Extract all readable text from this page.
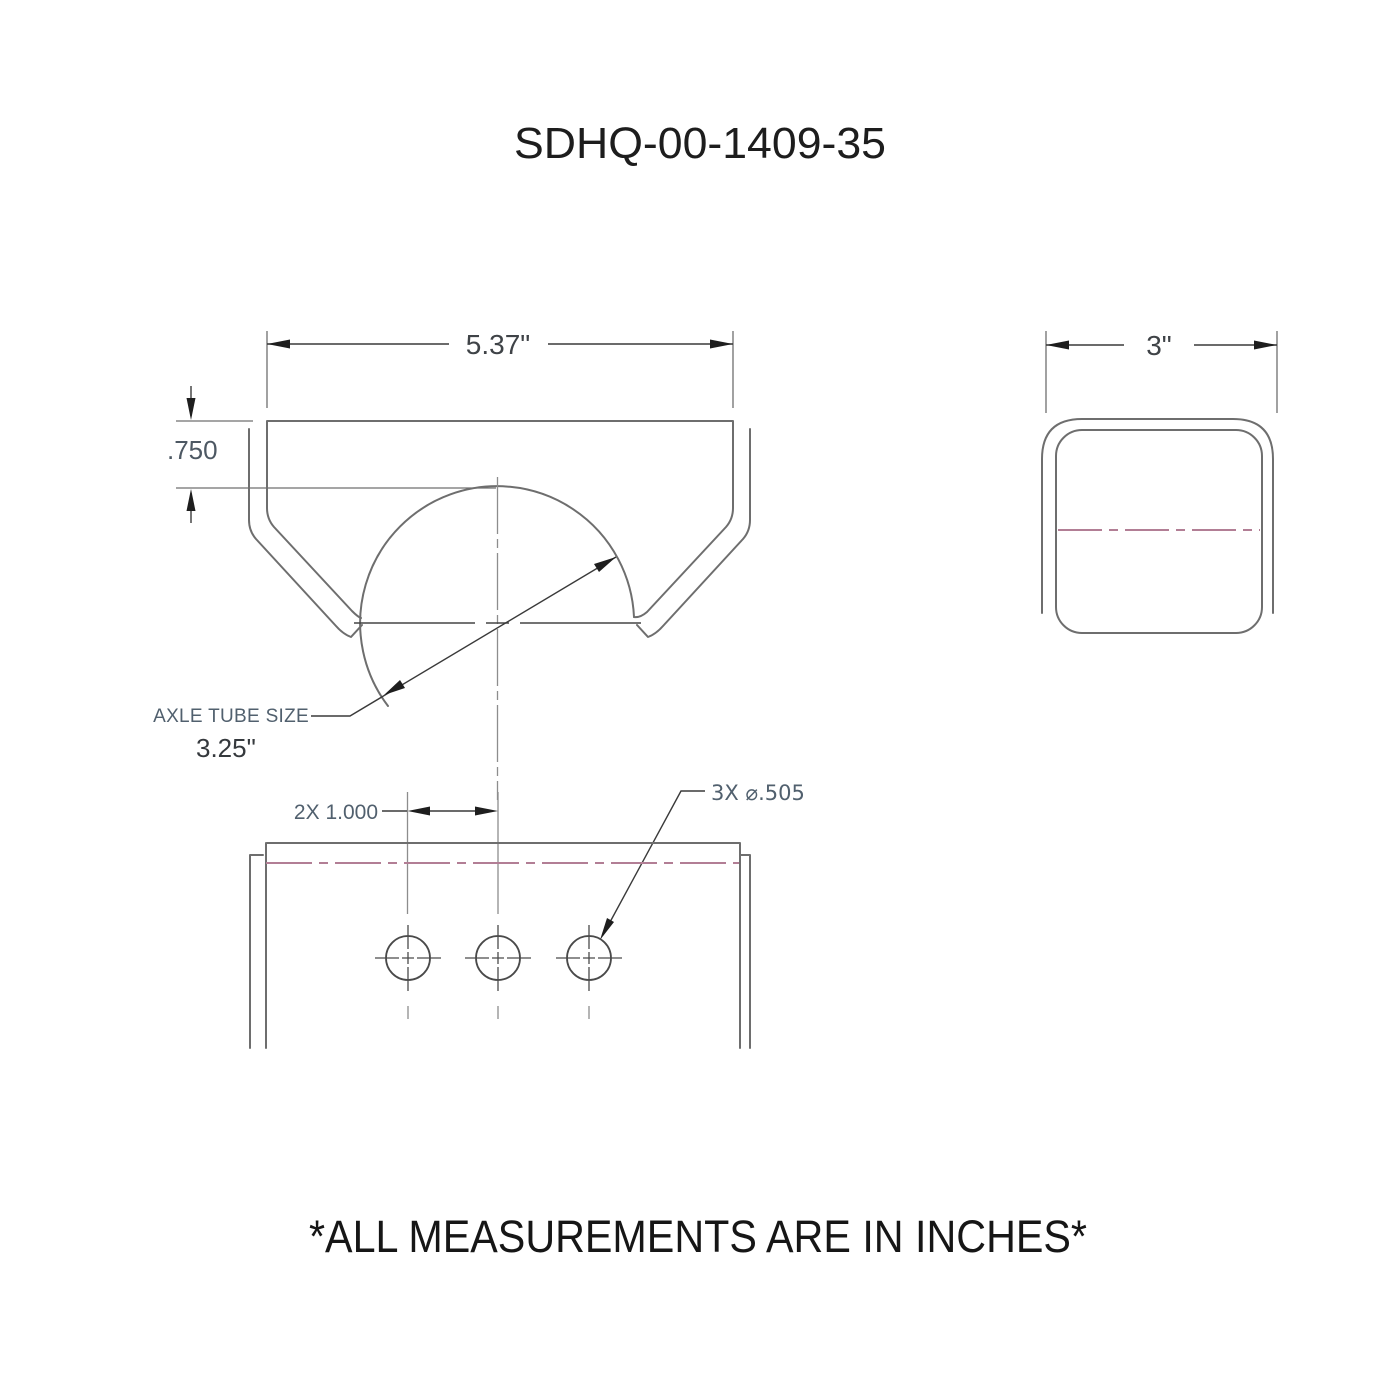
SDHQ-00-1409-35
5.37"
.750
AXLE TUBE SIZE
3.25"
3"
2X 1.000
3X ⌀.505
*ALL MEASUREMENTS ARE IN INCHES*
